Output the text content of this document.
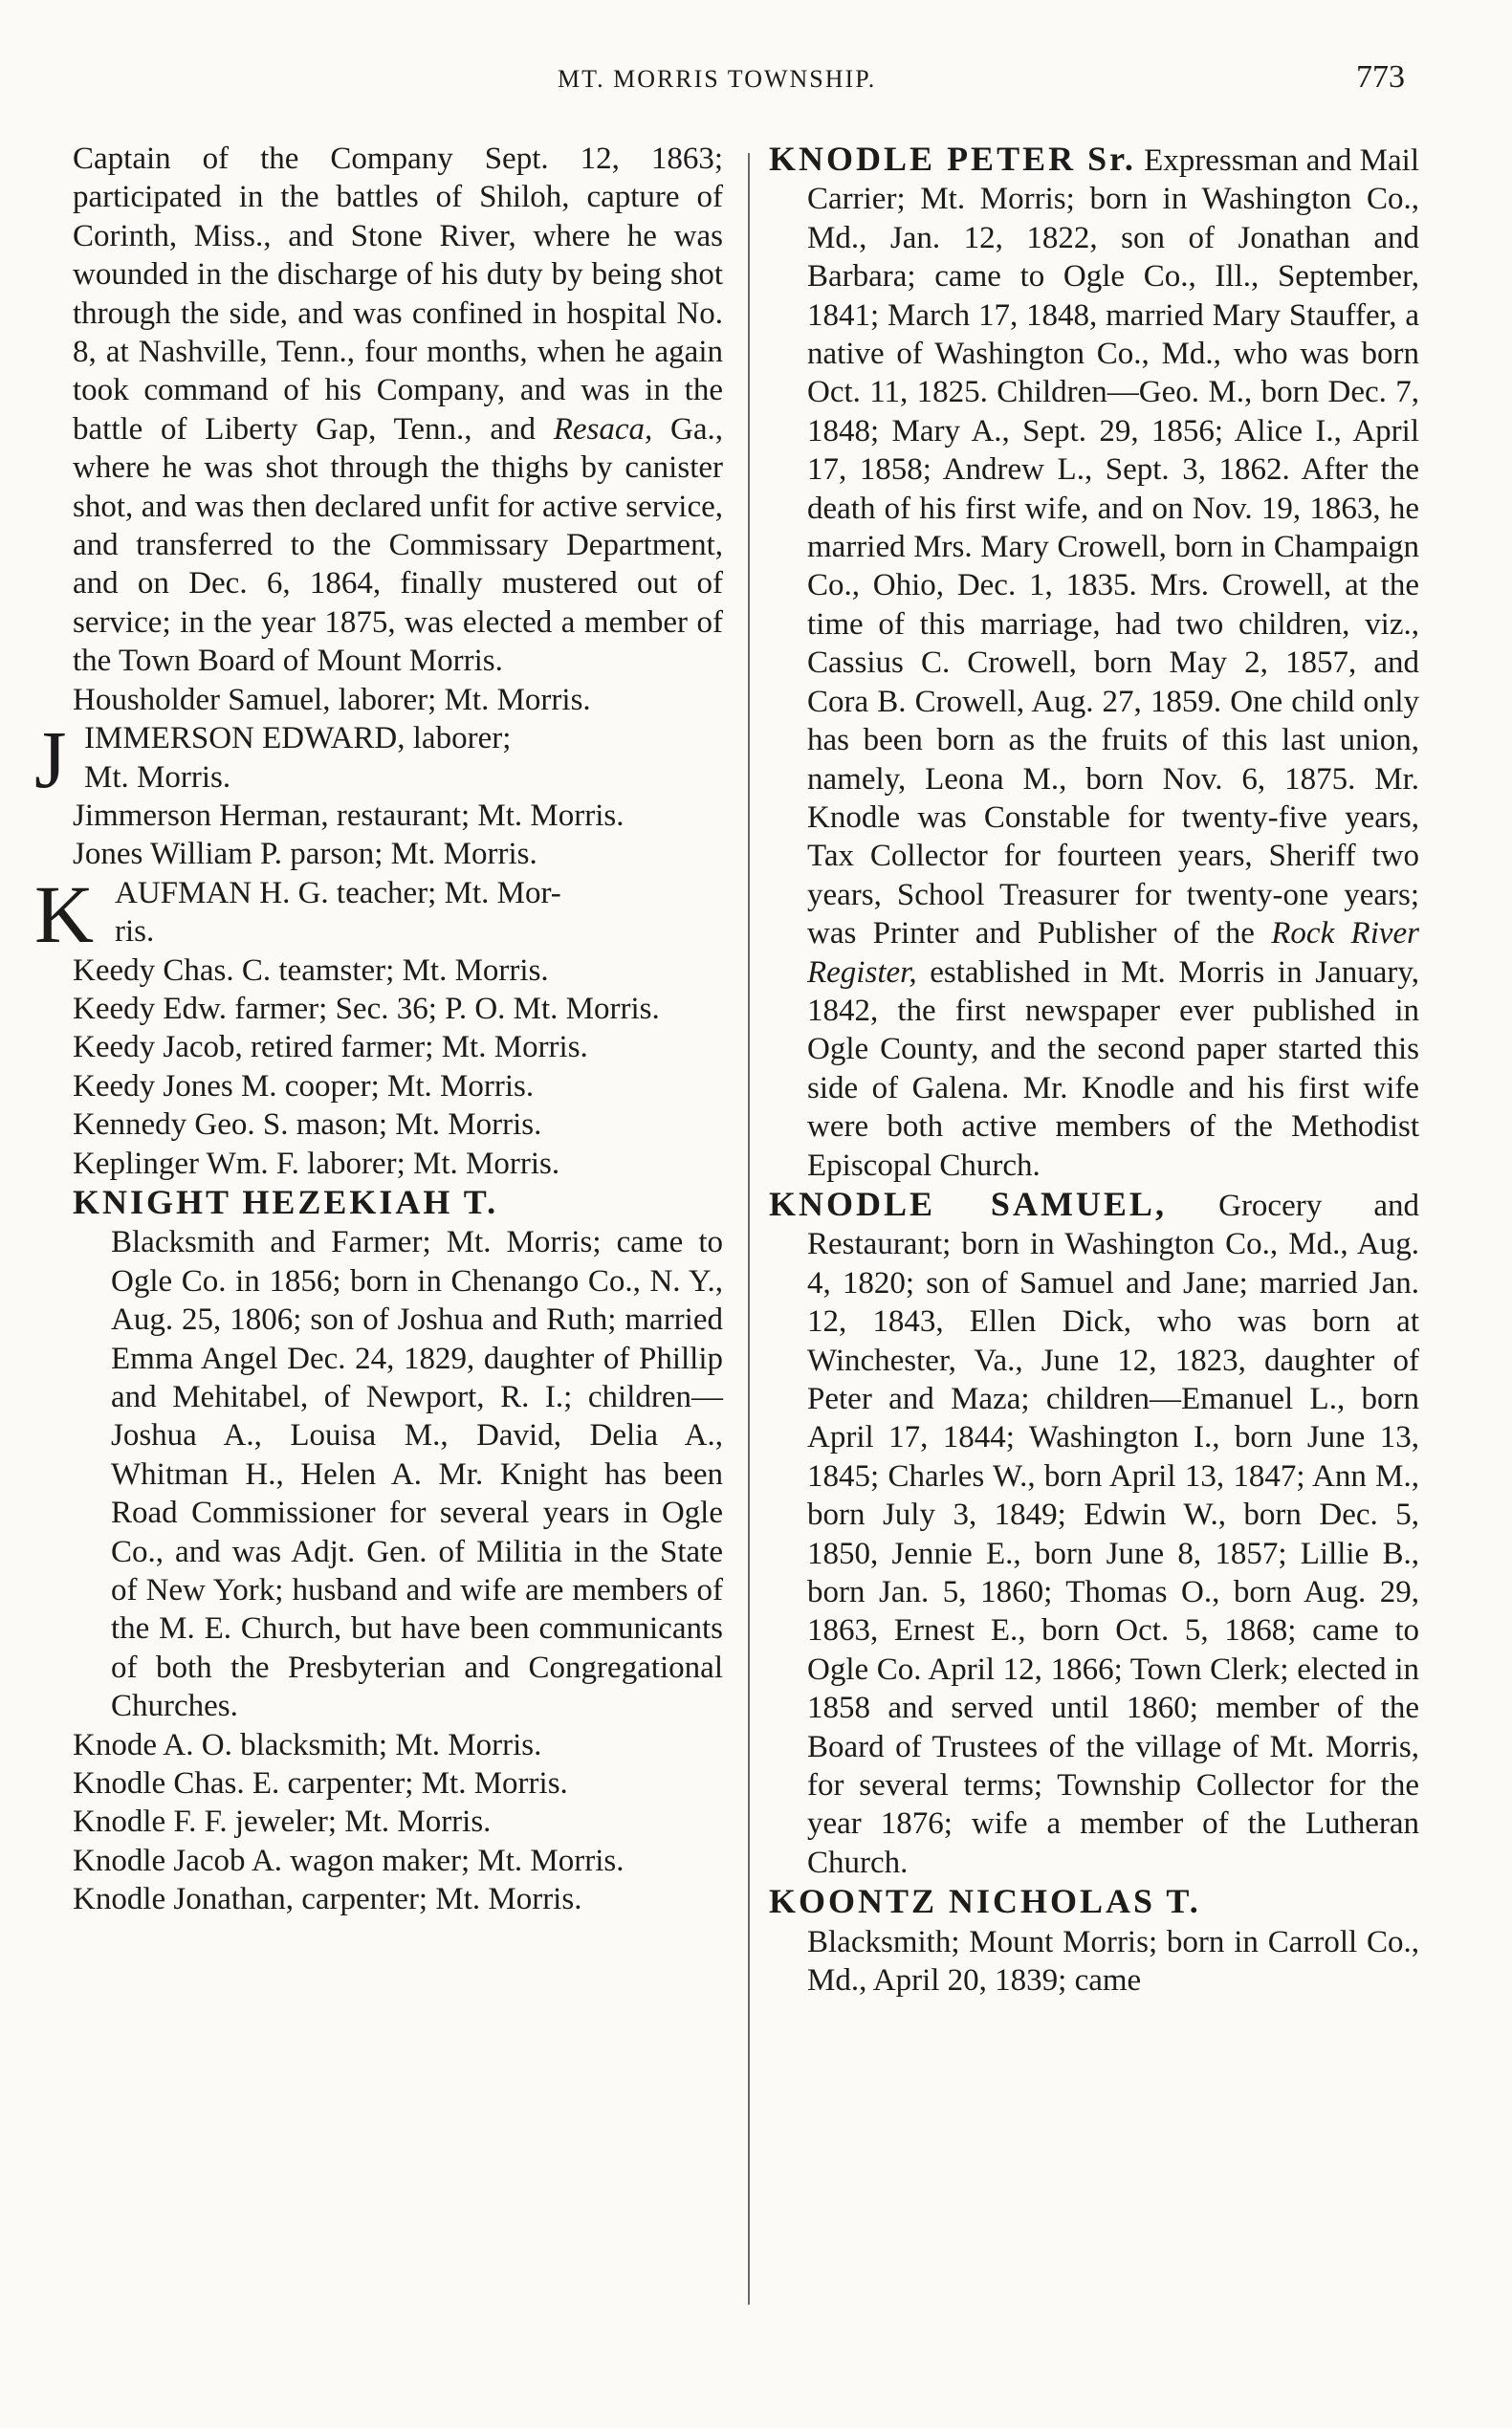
MT. MORRIS TOWNSHIP.	773

Captain of the Company Sept. 12, 1863; participated in the battles of Shiloh, capture of Corinth, Miss., and Stone River, where he was wounded in the discharge of his duty by being shot through the side, and was confined in hospital No. 8, at Nashville, Tenn., four months, when he again took command of his Company, and was in the battle of Liberty Gap, Tenn., and Resaca, Ga., where he was shot through the thighs by canister shot, and was then declared unfit for active service, and transferred to the Commissary Department, and on Dec. 6, 1864, finally mustered out of service; in the year 1875, was elected a member of the Town Board of Mount Morris.

Housholder Samuel, laborer; Mt. Morris.

J IMMERSON EDWARD, laborer;
Mt. Morris.

Jimmerson Herman, restaurant; Mt. Morris.

Jones William P. parson; Mt. Morris.

K AUFMAN H. G. teacher; Mt. Mor-
ris.

Keedy Chas. C. teamster; Mt. Morris.

Keedy Edw. farmer; Sec. 36; P. O. Mt. Morris.

Keedy Jacob, retired farmer; Mt. Morris.

Keedy Jones M. cooper; Mt. Morris.

Kennedy Geo. S. mason; Mt. Morris.

Keplinger Wm. F. laborer; Mt. Morris.

KNIGHT HEZEKIAH T.
Blacksmith and Farmer; Mt. Morris; came to Ogle Co. in 1856; born in Chenango Co., N. Y., Aug. 25, 1806; son of Joshua and Ruth; married Emma Angel Dec. 24, 1829, daughter of Phillip and Mehitabel, of Newport, R. I.; children—Joshua A., Louisa M., David, Delia A., Whitman H., Helen A. Mr. Knight has been Road Commissioner for several years in Ogle Co., and was Adjt. Gen. of Militia in the State of New York; husband and wife are members of the M. E. Church, but have been communicants of both the Presbyterian and Congregational Churches.

Knode A. O. blacksmith; Mt. Morris.

Knodle Chas. E. carpenter; Mt. Morris.

Knodle F. F. jeweler; Mt. Morris.

Knodle Jacob A. wagon maker; Mt. Morris.

Knodle Jonathan, carpenter; Mt. Morris.

KNODLE PETER Sr. Expressman and Mail Carrier; Mt. Morris; born in Washington Co., Md., Jan. 12, 1822, son of Jonathan and Barbara; came to Ogle Co., Ill., September, 1841; March 17, 1848, married Mary Stauffer, a native of Washington Co., Md., who was born Oct. 11, 1825. Children—Geo. M., born Dec. 7, 1848; Mary A., Sept. 29, 1856; Alice I., April 17, 1858; Andrew L., Sept. 3, 1862. After the death of his first wife, and on Nov. 19, 1863, he married Mrs. Mary Crowell, born in Champaign Co., Ohio, Dec. 1, 1835. Mrs. Crowell, at the time of this marriage, had two children, viz., Cassius C. Crowell, born May 2, 1857, and Cora B. Crowell, Aug. 27, 1859. One child only has been born as the fruits of this last union, namely, Leona M., born Nov. 6, 1875. Mr. Knodle was Constable for twenty-five years, Tax Collector for fourteen years, Sheriff two years, School Treasurer for twenty-one years; was Printer and Publisher of the Rock River Register, established in Mt. Morris in January, 1842, the first newspaper ever published in Ogle County, and the second paper started this side of Galena. Mr. Knodle and his first wife were both active members of the Methodist Episcopal Church.

KNODLE SAMUEL, Grocery and Restaurant; born in Washington Co., Md., Aug. 4, 1820; son of Samuel and Jane; married Jan. 12, 1843, Ellen Dick, who was born at Winchester, Va., June 12, 1823, daughter of Peter and Maza; children—Emanuel L., born April 17, 1844; Washington I., born June 13, 1845; Charles W., born April 13, 1847; Ann M., born July 3, 1849; Edwin W., born Dec. 5, 1850, Jennie E., born June 8, 1857; Lillie B., born Jan. 5, 1860; Thomas O., born Aug. 29, 1863, Ernest E., born Oct. 5, 1868; came to Ogle Co. April 12, 1866; Town Clerk; elected in 1858 and served until 1860; member of the Board of Trustees of the village of Mt. Morris, for several terms; Township Collector for the year 1876; wife a member of the Lutheran Church.

KOONTZ NICHOLAS T.
Blacksmith; Mount Morris; born in Carroll Co., Md., April 20, 1839; came
